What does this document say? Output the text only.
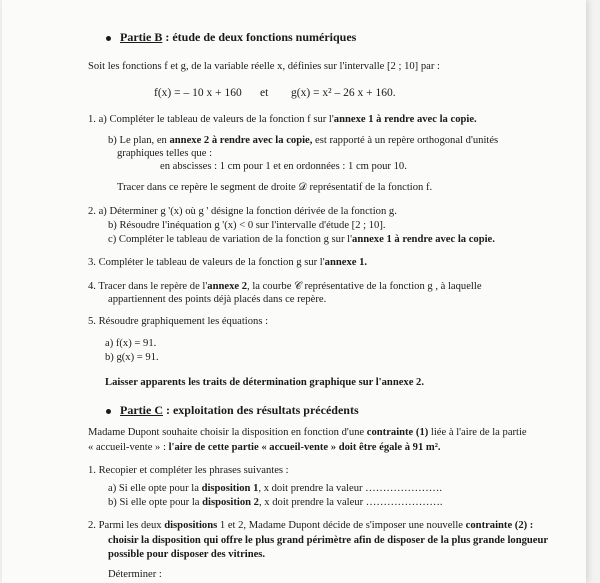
Partie B : étude de deux fonctions numériques
Soit les fonctions f et g, de la variable réelle x, définies sur l'intervalle [2 ; 10] par :
f(x) = – 10 x + 160 et g(x) = x² – 26 x + 160.
1. a) Compléter le tableau de valeurs de la fonction f sur l'annexe 1 à rendre avec la copie.
b) Le plan, en annexe 2 à rendre avec la copie, est rapporté à un repère orthogonal d'unités
graphiques telles que :
en abscisses : 1 cm pour 1 et en ordonnées : 1 cm pour 10.
Tracer dans ce repère le segment de droite 𝒟 représentatif de la fonction f.
2. a) Déterminer g '(x) où g ' désigne la fonction dérivée de la fonction g.
b) Résoudre l'inéquation g '(x) < 0 sur l'intervalle d'étude [2 ; 10].
c) Compléter le tableau de variation de la fonction g sur l'annexe 1 à rendre avec la copie.
3. Compléter le tableau de valeurs de la fonction g sur l'annexe 1.
4. Tracer dans le repère de l'annexe 2, la courbe 𝒞 représentative de la fonction g , à laquelle
appartiennent des points déjà placés dans ce repère.
5. Résoudre graphiquement les équations :
a) f(x) = 91.
b) g(x) = 91.
Laisser apparents les traits de détermination graphique sur l'annexe 2.
Partie C : exploitation des résultats précédents
Madame Dupont souhaite choisir la disposition en fonction d'une contrainte (1) liée à l'aire de la partie
« accueil-vente » : l'aire de cette partie « accueil-vente » doit être égale à 91 m².
1. Recopier et compléter les phrases suivantes :
a) Si elle opte pour la disposition 1, x doit prendre la valeur ………………….
b) Si elle opte pour la disposition 2, x doit prendre la valeur ………………….
2. Parmi les deux dispositions 1 et 2, Madame Dupont décide de s'imposer une nouvelle contrainte (2) :
choisir la disposition qui offre le plus grand périmètre afin de disposer de la plus grande longueur
possible pour disposer des vitrines.
Déterminer :
